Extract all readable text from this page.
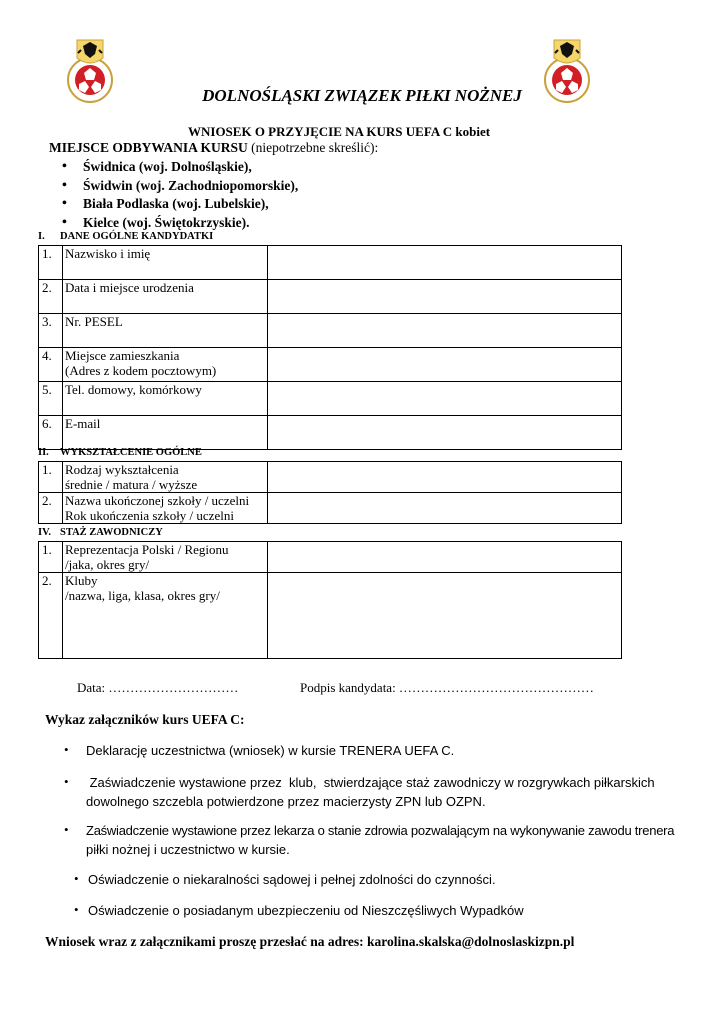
DOLNOŚLĄSKI ZWIĄZEK PIŁKI NOŻNEJ
WNIOSEK O PRZYJĘCIE NA KURS UEFA C kobiet
MIEJSCE ODBYWANIA KURSU (niepotrzebne skreślić):
• Świdnica (woj. Dolnośląskie),
• Świdwin (woj. Zachodniopomorskie),
• Biała Podlaska (woj. Lubelskie),
• Kielce (woj. Świętokrzyskie).
I. DANE OGÓLNE KANDYDATKI
1.	Nazwisko i imię	

2.	Data i miejsce urodzenia	

3.	Nr. PESEL	

4.	Miejsce zamieszkania
(Adres z kodem pocztowym)	

5.	Tel. domowy, komórkowy	

6.	E-mail	

II. WYKSZTAŁCENIE OGÓLNE
1.	Rodzaj wykształcenia
średnie / matura / wyższe	

2.	Nazwa ukończonej szkoły / uczelni
Rok ukończenia szkoły / uczelni	

IV. STAŻ ZAWODNICZY
1.	Reprezentacja Polski / Regionu
/jaka, okres gry/	

2.	Kluby
/nazwa, liga, klasa, okres gry/	

Data: …………………………	Podpis kandydata: ………………………………………
Wykaz załączników kurs UEFA C:
• Deklarację uczestnictwa (wniosek) w kursie TRENERA UEFA C.
• Zaświadczenie wystawione przez  klub,  stwierdzające staż zawodniczy w rozgrywkach piłkarskich
dowolnego szczebla potwierdzone przez macierzysty ZPN lub OZPN.
• Zaświadczenie wystawione przez lekarza o stanie zdrowia pozwalającym na wykonywanie zawodu trenera
piłki nożnej i uczestnictwo w kursie.
• Oświadczenie o niekaralności sądowej i pełnej zdolności do czynności.
• Oświadczenie o posiadanym ubezpieczeniu od Nieszczęśliwych Wypadków
Wniosek wraz z załącznikami proszę przesłać na adres: karolina.skalska@dolnoslaskizpn.pl
